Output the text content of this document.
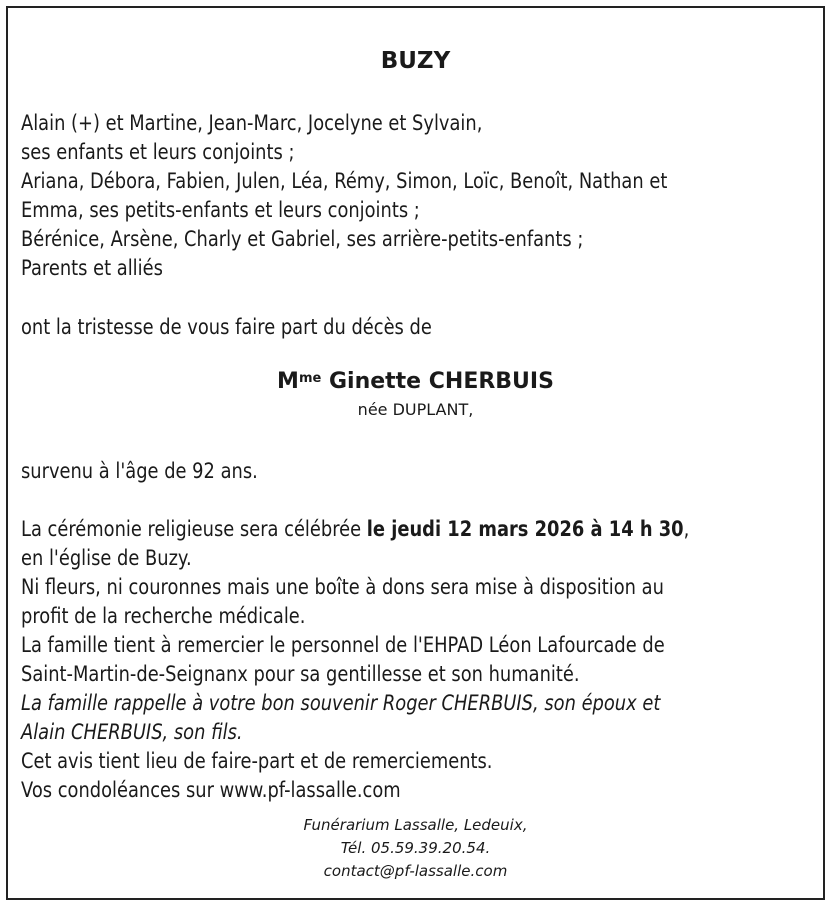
BUZY
Alain (+) et Martine, Jean-Marc, Jocelyne et Sylvain,
ses enfants et leurs conjoints ;
Ariana, Débora, Fabien, Julen, Léa, Rémy, Simon, Loïc, Benoît, Nathan et
Emma, ses petits-enfants et leurs conjoints ;
Bérénice, Arsène, Charly et Gabriel, ses arrière-petits-enfants ;
Parents et alliés
ont la tristesse de vous faire part du décès de
$M^{me}$ Ginette CHERBUIS
née DUPLANT,
survenu à l'âge de 92 ans.
La cérémonie religieuse sera célébrée le jeudi 12 mars 2026 à 14 h 30,
en l'église de Buzy.
Ni fleurs, ni couronnes mais une boîte à dons sera mise à disposition au
profit de la recherche médicale.
La famille tient à remercier le personnel de l'EHPAD Léon Lafourcade de
Saint-Martin-de-Seignanx pour sa gentillesse et son humanité.
La famille rappelle à votre bon souvenir Roger CHERBUIS, son époux et
Alain CHERBUIS, son fils.
Cet avis tient lieu de faire-part et de remerciements.
Vos condoléances sur www.pf-lassalle.com
Funérarium Lassalle, Ledeuix,
Tél. 05.59.39.20.54.
contact@pf-lassalle.com
